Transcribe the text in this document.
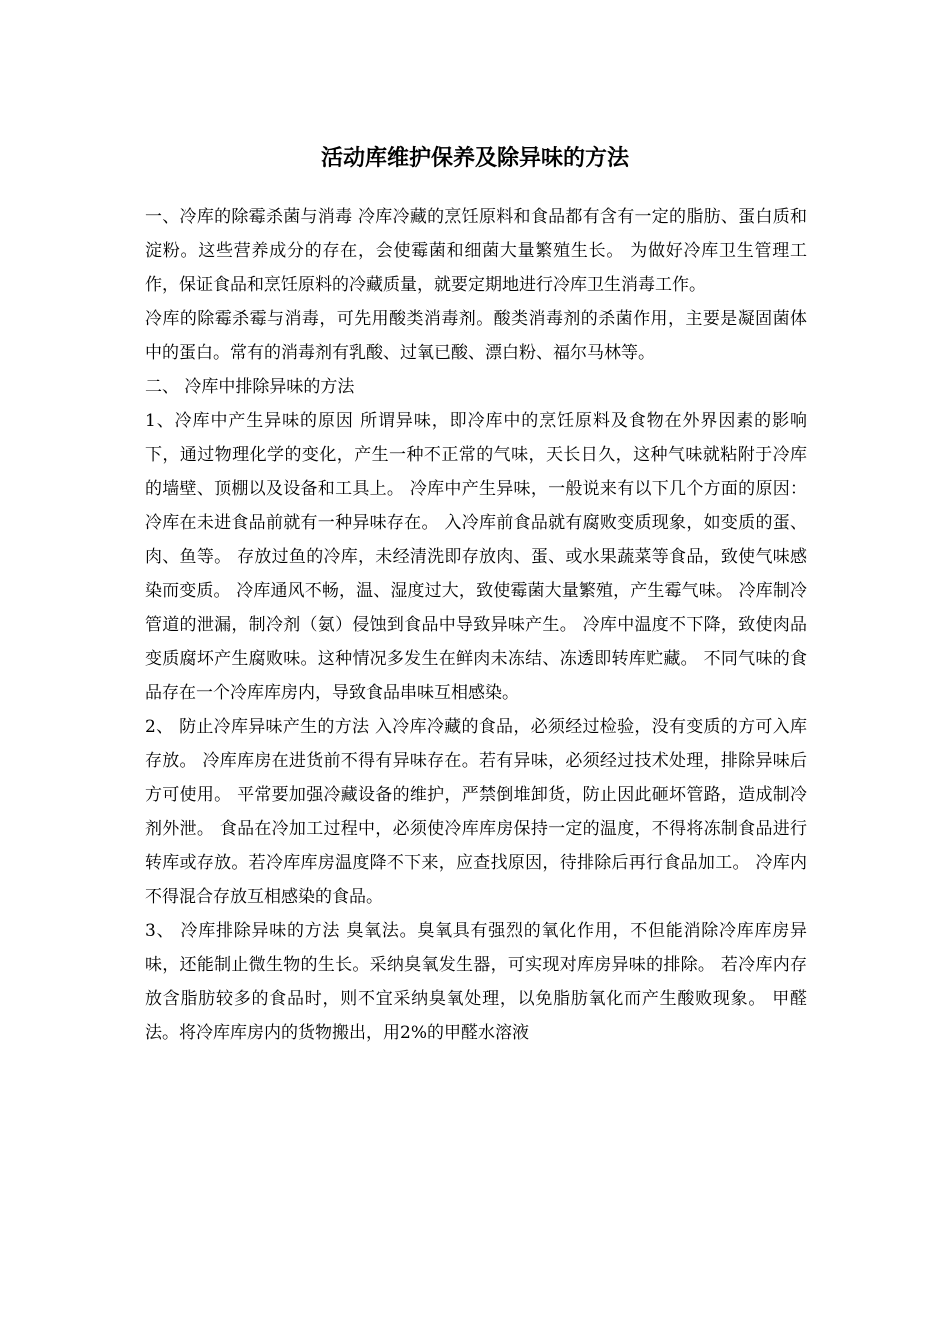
活动库维护保养及除异味的方法

一、冷库的除霉杀菌与消毒 冷库冷藏的烹饪原料和食品都有含有一定的脂肪、蛋白质和淀粉。这些营养成分的存在，会使霉菌和细菌大量繁殖生长。 为做好冷库卫生管理工作，保证食品和烹饪原料的冷藏质量，就要定期地进行冷库卫生消毒工作。

冷库的除霉杀霉与消毒，可先用酸类消毒剂。酸类消毒剂的杀菌作用，主要是凝固菌体中的蛋白。常有的消毒剂有乳酸、过氧已酸、漂白粉、福尔马林等。

二、 冷库中排除异味的方法

1、冷库中产生异味的原因 所谓异味，即冷库中的烹饪原料及食物在外界因素的影响下，通过物理化学的变化，产生一种不正常的气味，天长日久，这种气味就粘附于冷库的墙壁、顶棚以及设备和工具上。 冷库中产生异味，一般说来有以下几个方面的原因： 冷库在未进食品前就有一种异味存在。 入冷库前食品就有腐败变质现象，如变质的蛋、肉、鱼等。 存放过鱼的冷库，未经清洗即存放肉、蛋、或水果蔬菜等食品，致使气味感染而变质。 冷库通风不畅，温、湿度过大，致使霉菌大量繁殖，产生霉气味。 冷库制冷管道的泄漏，制冷剂（氨）侵蚀到食品中导致异味产生。 冷库中温度不下降，致使肉品变质腐坏产生腐败味。这种情况多发生在鲜肉未冻结、冻透即转库贮藏。 不同气味的食品存在一个冷库库房内，导致食品串味互相感染。

2、 防止冷库异味产生的方法 入冷库冷藏的食品，必须经过检验，没有变质的方可入库存放。 冷库库房在进货前不得有异味存在。若有异味，必须经过技术处理，排除异味后方可使用。 平常要加强冷藏设备的维护，严禁倒堆卸货，防止因此砸坏管路，造成制冷剂外泄。 食品在冷加工过程中，必须使冷库库房保持一定的温度，不得将冻制食品进行转库或存放。若冷库库房温度降不下来，应查找原因，待排除后再行食品加工。 冷库内不得混合存放互相感染的食品。

3、 冷库排除异味的方法 臭氧法。臭氧具有强烈的氧化作用，不但能消除冷库库房异味，还能制止微生物的生长。采纳臭氧发生器，可实现对库房异味的排除。 若冷库内存放含脂肪较多的食品时，则不宜采纳臭氧处理，以免脂肪氧化而产生酸败现象。 甲醛法。将冷库库房内的货物搬出，用2%的甲醛水溶液
